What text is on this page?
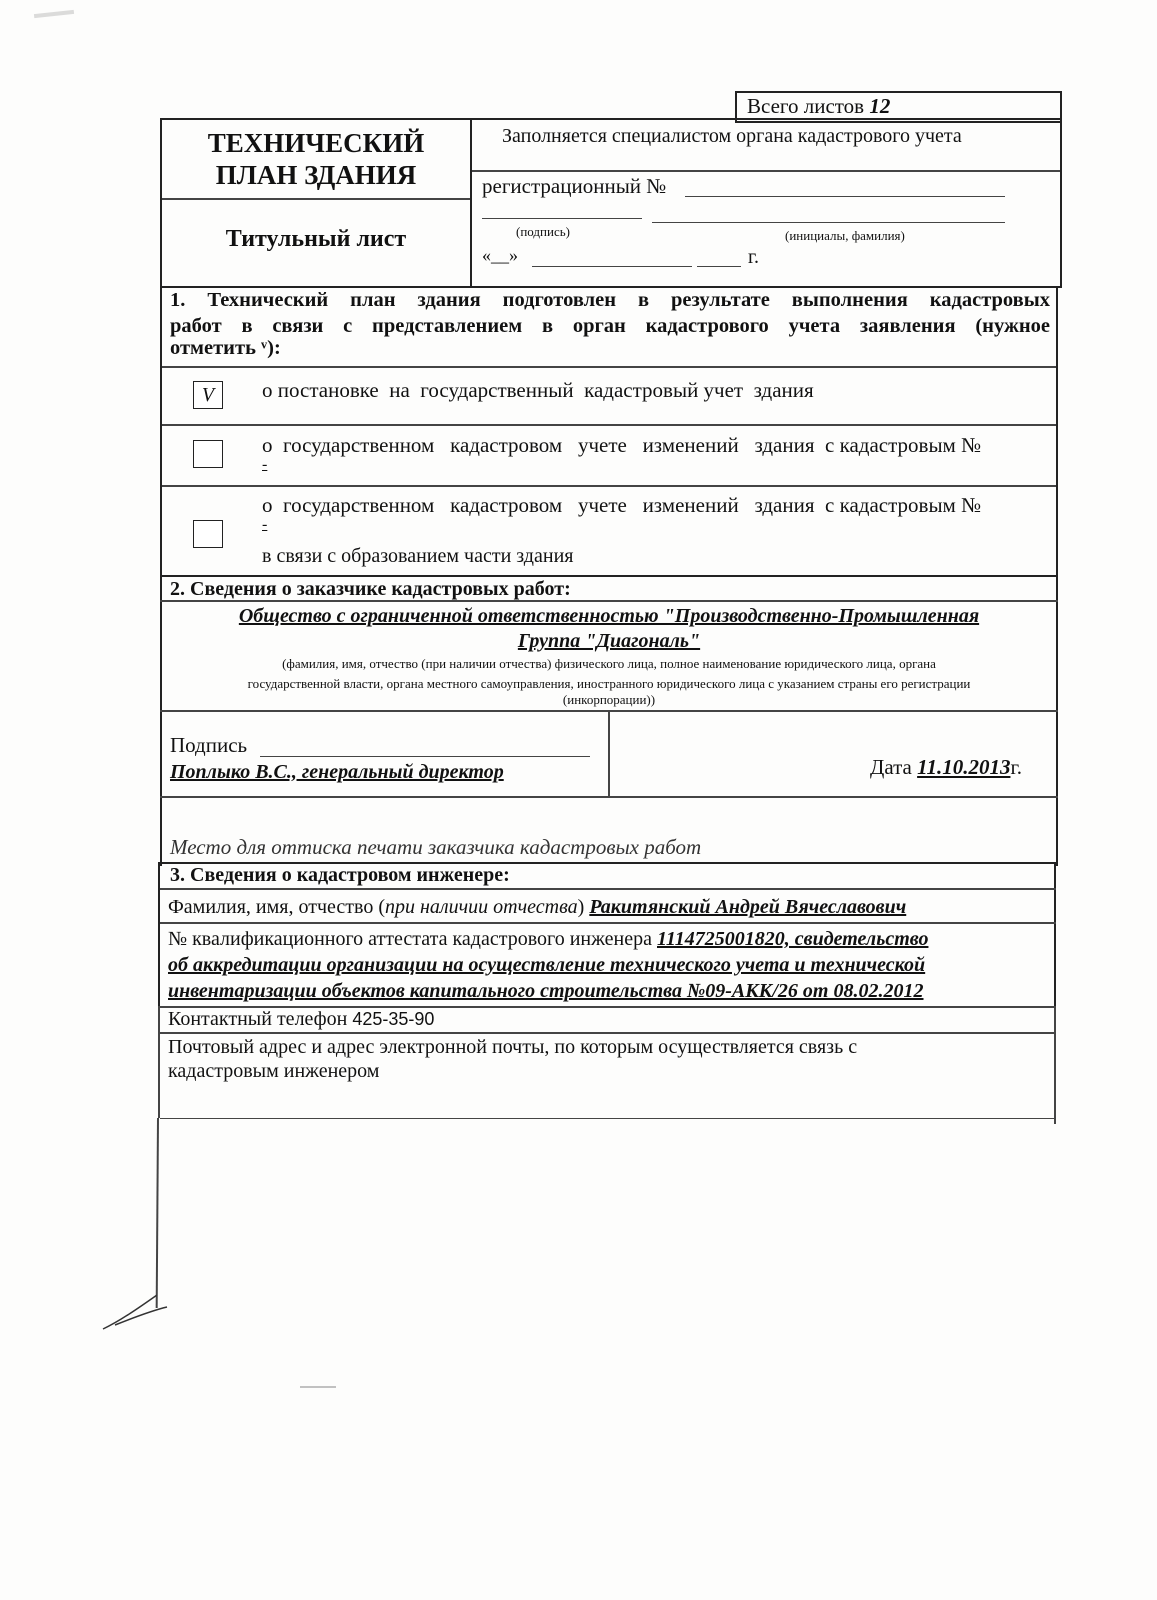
Всего листов 12
ТЕХНИЧЕСКИЙ
ПЛАН ЗДАНИЯ
Титульный лист
Заполняется специалистом органа кадастрового учета
регистрационный №
(подпись)	(инициалы, фамилия)
«__»	г.
1. Технический план здания подготовлен в результате выполнения кадастровых
работ в связи с представлением в орган кадастрового учета заявления (нужное
отметить ᵛ):
V	о постановке  на  государственный  кадастровый учет  здания
о  государственном   кадастровом   учете   изменений   здания  с кадастровым №
-
о  государственном   кадастровом   учете   изменений   здания  с кадастровым №
-
в связи с образованием части здания
2. Сведения о заказчике кадастровых работ:
Общество с ограниченной ответственностью "Производственно-Промышленная
Группа "Диагональ"
(фамилия, имя, отчество (при наличии отчества) физического лица, полное наименование юридического лица, органа
государственной власти, органа местного самоуправления, иностранного юридического лица с указанием страны его регистрации
(инкорпорации))
Подпись
Поплыко В.С., генеральный директор	Дата 11.10.2013г.
Место для оттиска печати заказчика кадастровых работ
3. Сведения о кадастровом инженере:
Фамилия, имя, отчество (при наличии отчества) Ракитянский Андрей Вячеславович
№ квалификационного аттестата кадастрового инженера 1114725001820, свидетельство
об аккредитации организации на осуществление технического учета и технической
инвентаризации объектов капитального строительства №09-АКК/26 от 08.02.2012
Контактный телефон 425-35-90
Почтовый адрес и адрес электронной почты, по которым осуществляется связь с
кадастровым инженером
